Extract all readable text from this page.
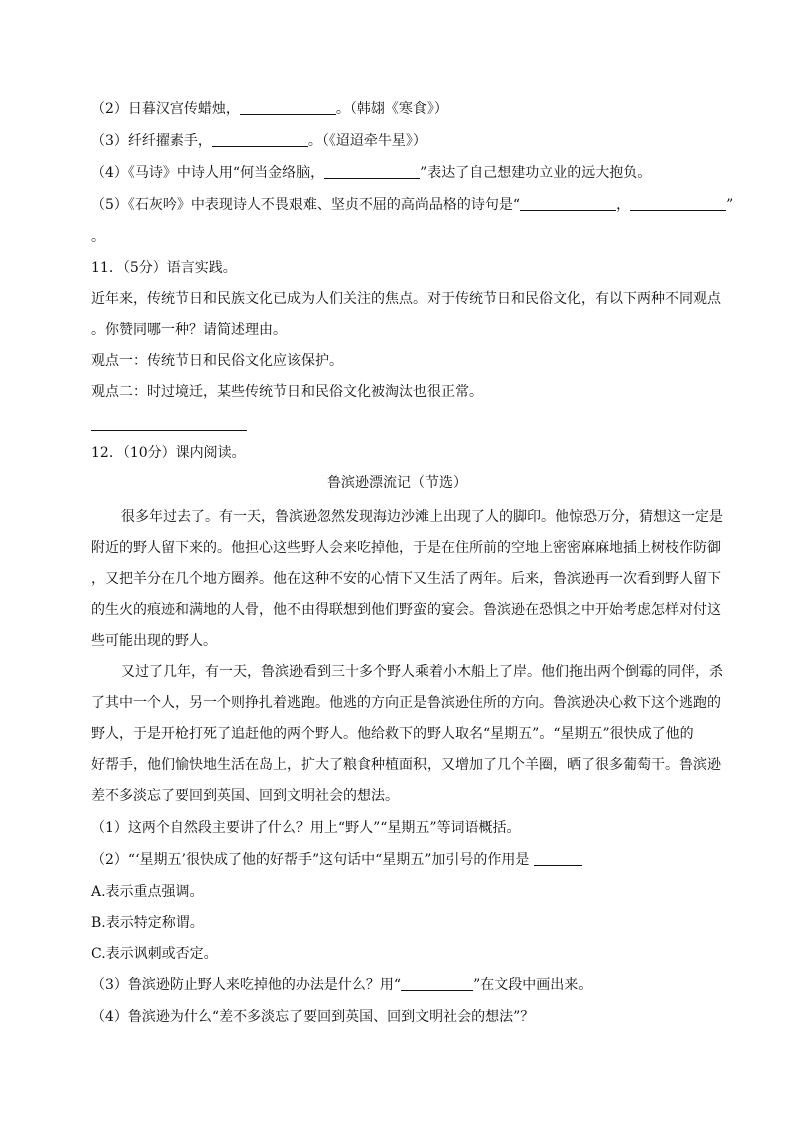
（2）日暮汉宫传蜡烛，	。（韩翃《寒食》）
（3）纤纤擢素手，	。（《迢迢牵牛星》）
（4）《马诗》中诗人用“何当金络脑，	”表达了自己想建功立业的远大抱负。
（5）《石灰吟》中表现诗人不畏艰难、坚贞不屈的高尚品格的诗句是“	，	”
。
11．（5分）语言实践。
近年来，传统节日和民族文化已成为人们关注的焦点。对于传统节日和民俗文化，有以下两种不同观点
。你赞同哪一种？请简述理由。
观点一：传统节日和民俗文化应该保护。
观点二：时过境迁，某些传统节日和民俗文化被淘汰也很正常。
12．（10分）课内阅读。
鲁滨逊漂流记（节选）
很多年过去了。有一天，鲁滨逊忽然发现海边沙滩上出现了人的脚印。他惊恐万分，猜想这一定是
附近的野人留下来的。他担心这些野人会来吃掉他，于是在住所前的空地上密密麻麻地插上树枝作防御
，又把羊分在几个地方圈养。他在这种不安的心情下又生活了两年。后来，鲁滨逊再一次看到野人留下
的生火的痕迹和满地的人骨，他不由得联想到他们野蛮的宴会。鲁滨逊在恐惧之中开始考虑怎样对付这
些可能出现的野人。
又过了几年，有一天，鲁滨逊看到三十多个野人乘着小木船上了岸。他们拖出两个倒霉的同伴，杀
了其中一个人，另一个则挣扎着逃跑。他逃的方向正是鲁滨逊住所的方向。鲁滨逊决心救下这个逃跑的
野人，于是开枪打死了追赶他的两个野人。他给救下的野人取名“星期五”。“星期五”很快成了他的
好帮手，他们愉快地生活在岛上，扩大了粮食种植面积，又增加了几个羊圈，晒了很多葡萄干。鲁滨逊
差不多淡忘了要回到英国、回到文明社会的想法。
（1）这两个自然段主要讲了什么？用上“野人”“星期五”等词语概括。
（2）“‘星期五’很快成了他的好帮手”这句话中“星期五”加引号的作用是
A.表示重点强调。
B.表示特定称谓。
C.表示讽刺或否定。
（3）鲁滨逊防止野人来吃掉他的办法是什么？用“	”在文段中画出来。
（4）鲁滨逊为什么“差不多淡忘了要回到英国、回到文明社会的想法”？
